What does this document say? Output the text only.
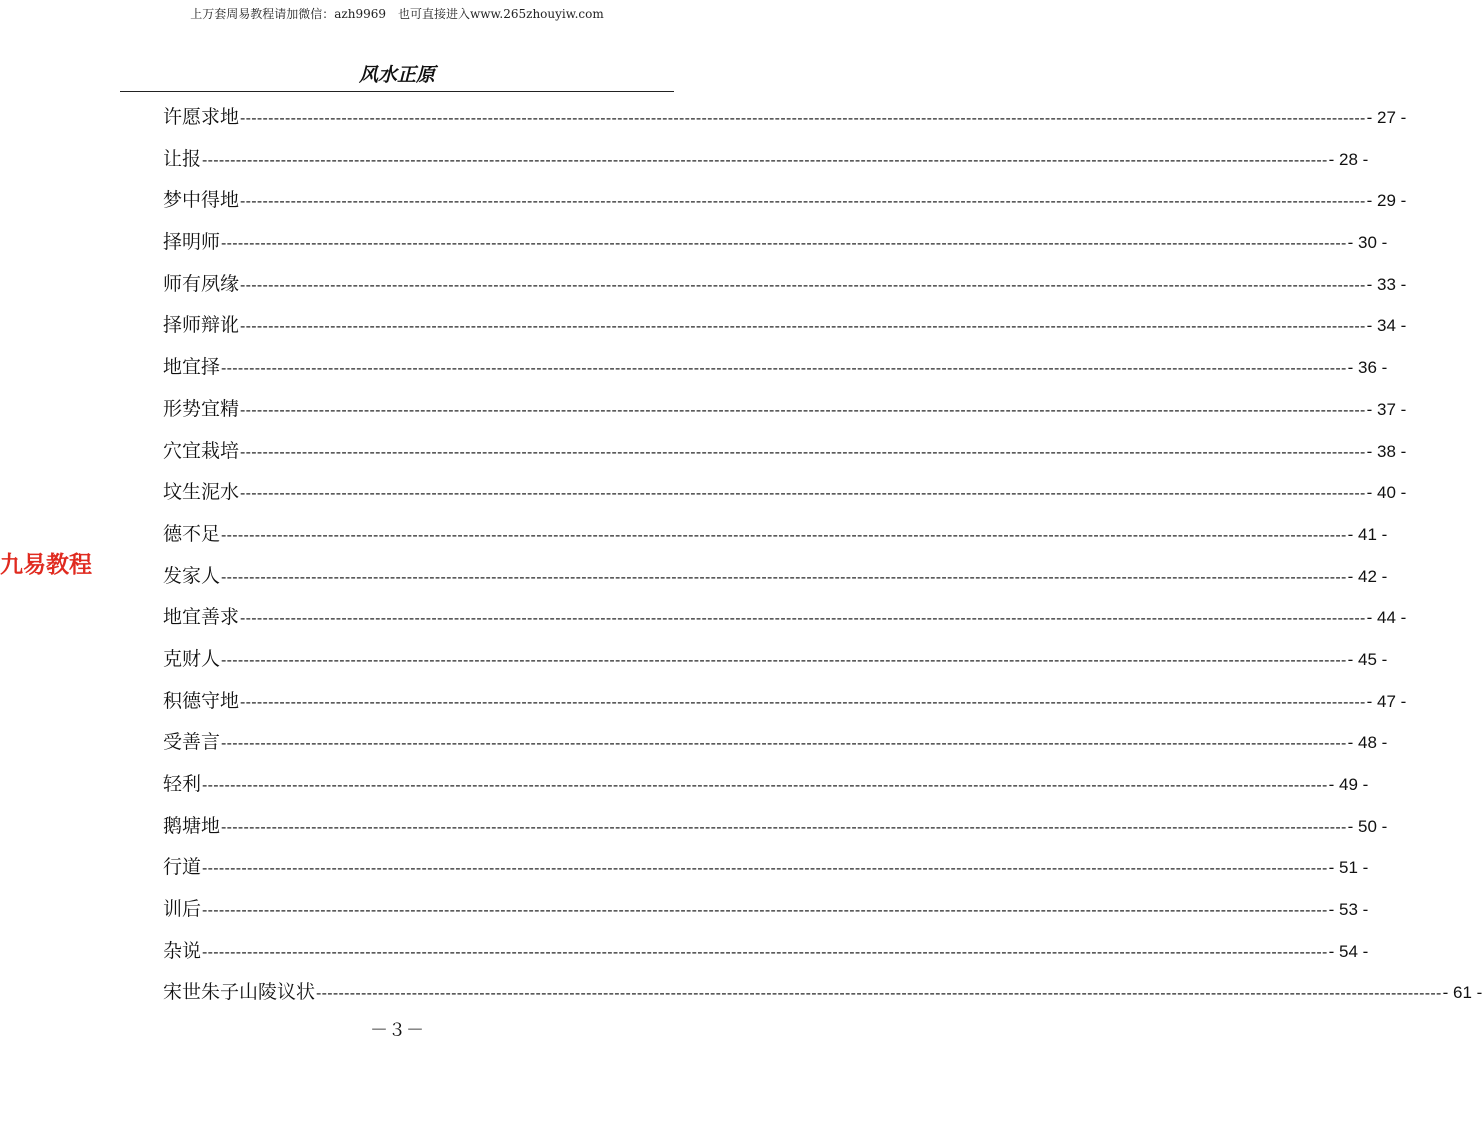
上万套周易教程请加微信：azh9969　也可直接进入www.265zhouyiw.com
风水正原
许愿求地 -------------------------------------------------------------------------------------------------------------------------------------------------------------------------------------------------------- - 27 -
让报 -------------------------------------------------------------------------------------------------------------------------------------------------------------------------------------------------------- - 28 -
梦中得地 -------------------------------------------------------------------------------------------------------------------------------------------------------------------------------------------------------- - 29 -
择明师 -------------------------------------------------------------------------------------------------------------------------------------------------------------------------------------------------------- - 30 -
师有夙缘 -------------------------------------------------------------------------------------------------------------------------------------------------------------------------------------------------------- - 33 -
择师辩讹 -------------------------------------------------------------------------------------------------------------------------------------------------------------------------------------------------------- - 34 -
地宜择 -------------------------------------------------------------------------------------------------------------------------------------------------------------------------------------------------------- - 36 -
形势宜精 -------------------------------------------------------------------------------------------------------------------------------------------------------------------------------------------------------- - 37 -
穴宜栽培 -------------------------------------------------------------------------------------------------------------------------------------------------------------------------------------------------------- - 38 -
坟生泥水 -------------------------------------------------------------------------------------------------------------------------------------------------------------------------------------------------------- - 40 -
德不足 -------------------------------------------------------------------------------------------------------------------------------------------------------------------------------------------------------- - 41 -
发家人 -------------------------------------------------------------------------------------------------------------------------------------------------------------------------------------------------------- - 42 -
地宜善求 -------------------------------------------------------------------------------------------------------------------------------------------------------------------------------------------------------- - 44 -
克财人 -------------------------------------------------------------------------------------------------------------------------------------------------------------------------------------------------------- - 45 -
积德守地 -------------------------------------------------------------------------------------------------------------------------------------------------------------------------------------------------------- - 47 -
受善言 -------------------------------------------------------------------------------------------------------------------------------------------------------------------------------------------------------- - 48 -
轻利 -------------------------------------------------------------------------------------------------------------------------------------------------------------------------------------------------------- - 49 -
鹅塘地 -------------------------------------------------------------------------------------------------------------------------------------------------------------------------------------------------------- - 50 -
行道 -------------------------------------------------------------------------------------------------------------------------------------------------------------------------------------------------------- - 51 -
训后 -------------------------------------------------------------------------------------------------------------------------------------------------------------------------------------------------------- - 53 -
杂说 -------------------------------------------------------------------------------------------------------------------------------------------------------------------------------------------------------- - 54 -
宋世朱子山陵议状 -------------------------------------------------------------------------------------------------------------------------------------------------------------------------------------------------------- - 61 -
九易教程
－３－
